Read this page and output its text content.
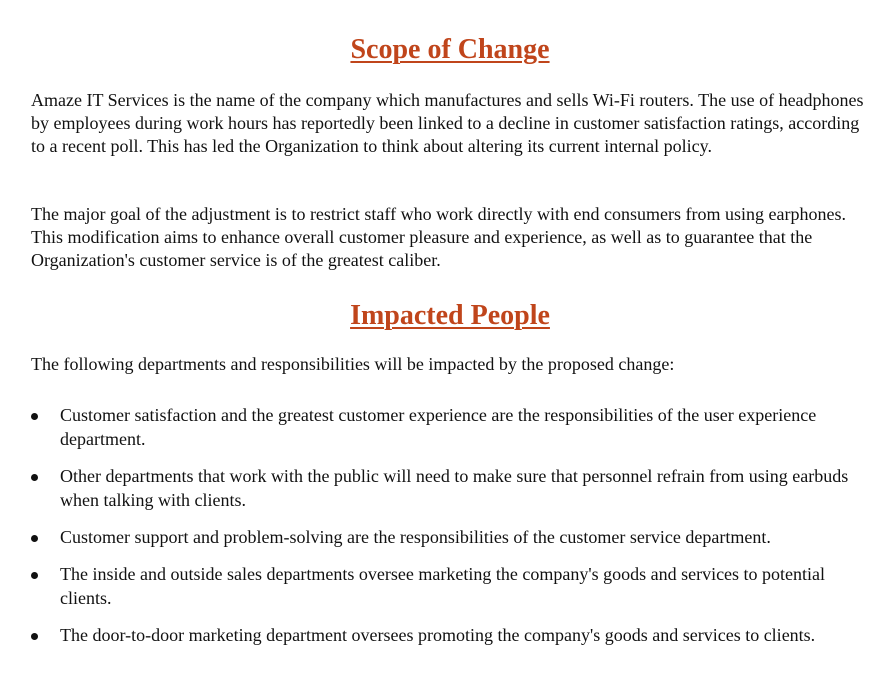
Scope of Change

Amaze IT Services is the name of the company which manufactures and sells Wi-Fi routers. The use of headphones by employees during work hours has reportedly been linked to a decline in customer satisfaction ratings, according to a recent poll. This has led the Organization to think about altering its current internal policy.

The major goal of the adjustment is to restrict staff who work directly with end consumers from using earphones. This modification aims to enhance overall customer pleasure and experience, as well as to guarantee that the Organization's customer service is of the greatest caliber.

Impacted People

The following departments and responsibilities will be impacted by the proposed change:

Customer satisfaction and the greatest customer experience are the responsibilities of the user experience department.
Other departments that work with the public will need to make sure that personnel refrain from using earbuds when talking with clients.
Customer support and problem-solving are the responsibilities of the customer service department.
The inside and outside sales departments oversee marketing the company's goods and services to potential clients.
The door-to-door marketing department oversees promoting the company's goods and services to clients.
